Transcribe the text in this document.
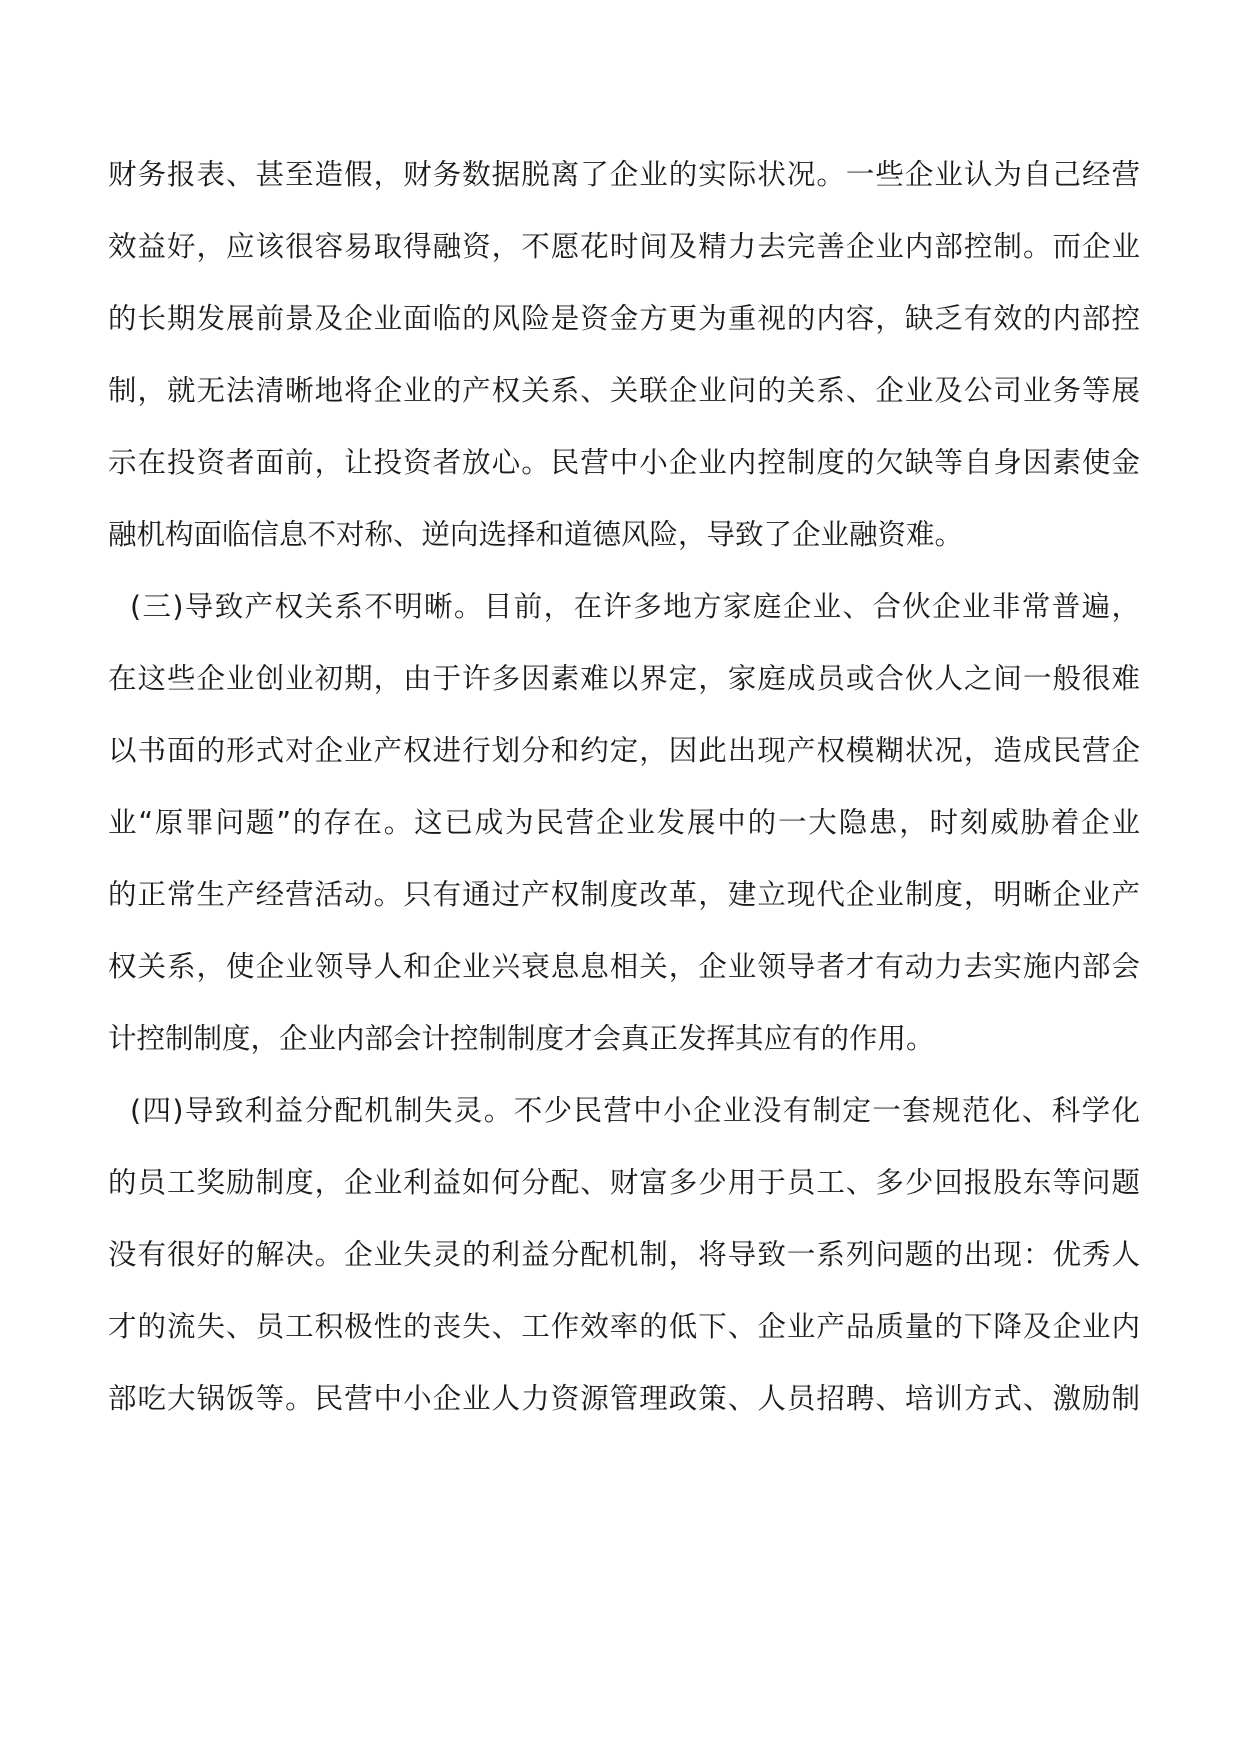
财务报表、甚至造假，财务数据脱离了企业的实际状况。一些企业认为自己经营
效益好，应该很容易取得融资，不愿花时间及精力去完善企业内部控制。而企业
的长期发展前景及企业面临的风险是资金方更为重视的内容，缺乏有效的内部控
制，就无法清晰地将企业的产权关系、关联企业问的关系、企业及公司业务等展
示在投资者面前，让投资者放心。民营中小企业内控制度的欠缺等自身因素使金
融机构面临信息不对称、逆向选择和道德风险，导致了企业融资难。
(三)导致产权关系不明晰。目前，在许多地方家庭企业、合伙企业非常普遍，
在这些企业创业初期，由于许多因素难以界定，家庭成员或合伙人之间一般很难
以书面的形式对企业产权进行划分和约定，因此出现产权模糊状况，造成民营企
业“原罪问题”的存在。这已成为民营企业发展中的一大隐患，时刻威胁着企业
的正常生产经营活动。只有通过产权制度改革，建立现代企业制度，明晰企业产
权关系，使企业领导人和企业兴衰息息相关，企业领导者才有动力去实施内部会
计控制制度，企业内部会计控制制度才会真正发挥其应有的作用。
(四)导致利益分配机制失灵。不少民营中小企业没有制定一套规范化、科学化
的员工奖励制度，企业利益如何分配、财富多少用于员工、多少回报股东等问题
没有很好的解决。企业失灵的利益分配机制，将导致一系列问题的出现：优秀人
才的流失、员工积极性的丧失、工作效率的低下、企业产品质量的下降及企业内
部吃大锅饭等。民营中小企业人力资源管理政策、人员招聘、培训方式、激励制
